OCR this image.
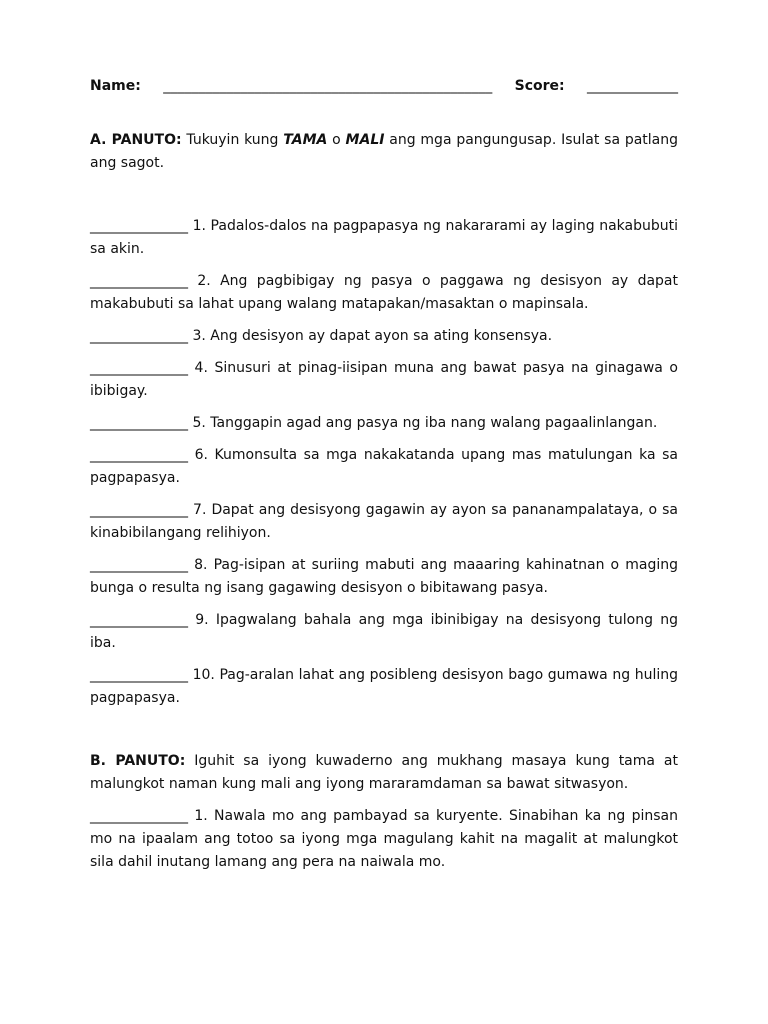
Name: _______________________________________________ Score: _____________

A. PANUTO: Tukuyin kung TAMA o MALI ang mga pangungusap. Isulat sa patlang ang sagot.

______________ 1. Padalos-dalos na pagpapasya ng nakararami ay laging nakabubuti sa akin.

______________ 2. Ang pagbibigay ng pasya o paggawa ng desisyon ay dapat makabubuti sa lahat upang walang matapakan/masaktan o mapinsala.

______________ 3. Ang desisyon ay dapat ayon sa ating konsensya.

______________ 4. Sinusuri at pinag-iisipan muna ang bawat pasya na ginagawa o ibibigay.

______________ 5. Tanggapin agad ang pasya ng iba nang walang pagaalinlangan.

______________ 6. Kumonsulta sa mga nakakatanda upang mas matulungan ka sa pagpapasya.

______________ 7. Dapat ang desisyong gagawin ay ayon sa pananampalataya, o sa kinabibilangang relihiyon.

______________ 8. Pag-isipan at suriing mabuti ang maaaring kahinatnan o maging bunga o resulta ng isang gagawing desisyon o bibitawang pasya.

______________ 9. Ipagwalang bahala ang mga ibinibigay na desisyong tulong ng iba.

______________ 10. Pag-aralan lahat ang posibleng desisyon bago gumawa ng huling pagpapasya.

B. PANUTO: Iguhit sa iyong kuwaderno ang mukhang masaya kung tama at malungkot naman kung mali ang iyong mararamdaman sa bawat sitwasyon.

______________ 1. Nawala mo ang pambayad sa kuryente. Sinabihan ka ng pinsan mo na ipaalam ang totoo sa iyong mga magulang kahit na magalit at malungkot sila dahil inutang lamang ang pera na naiwala mo.
